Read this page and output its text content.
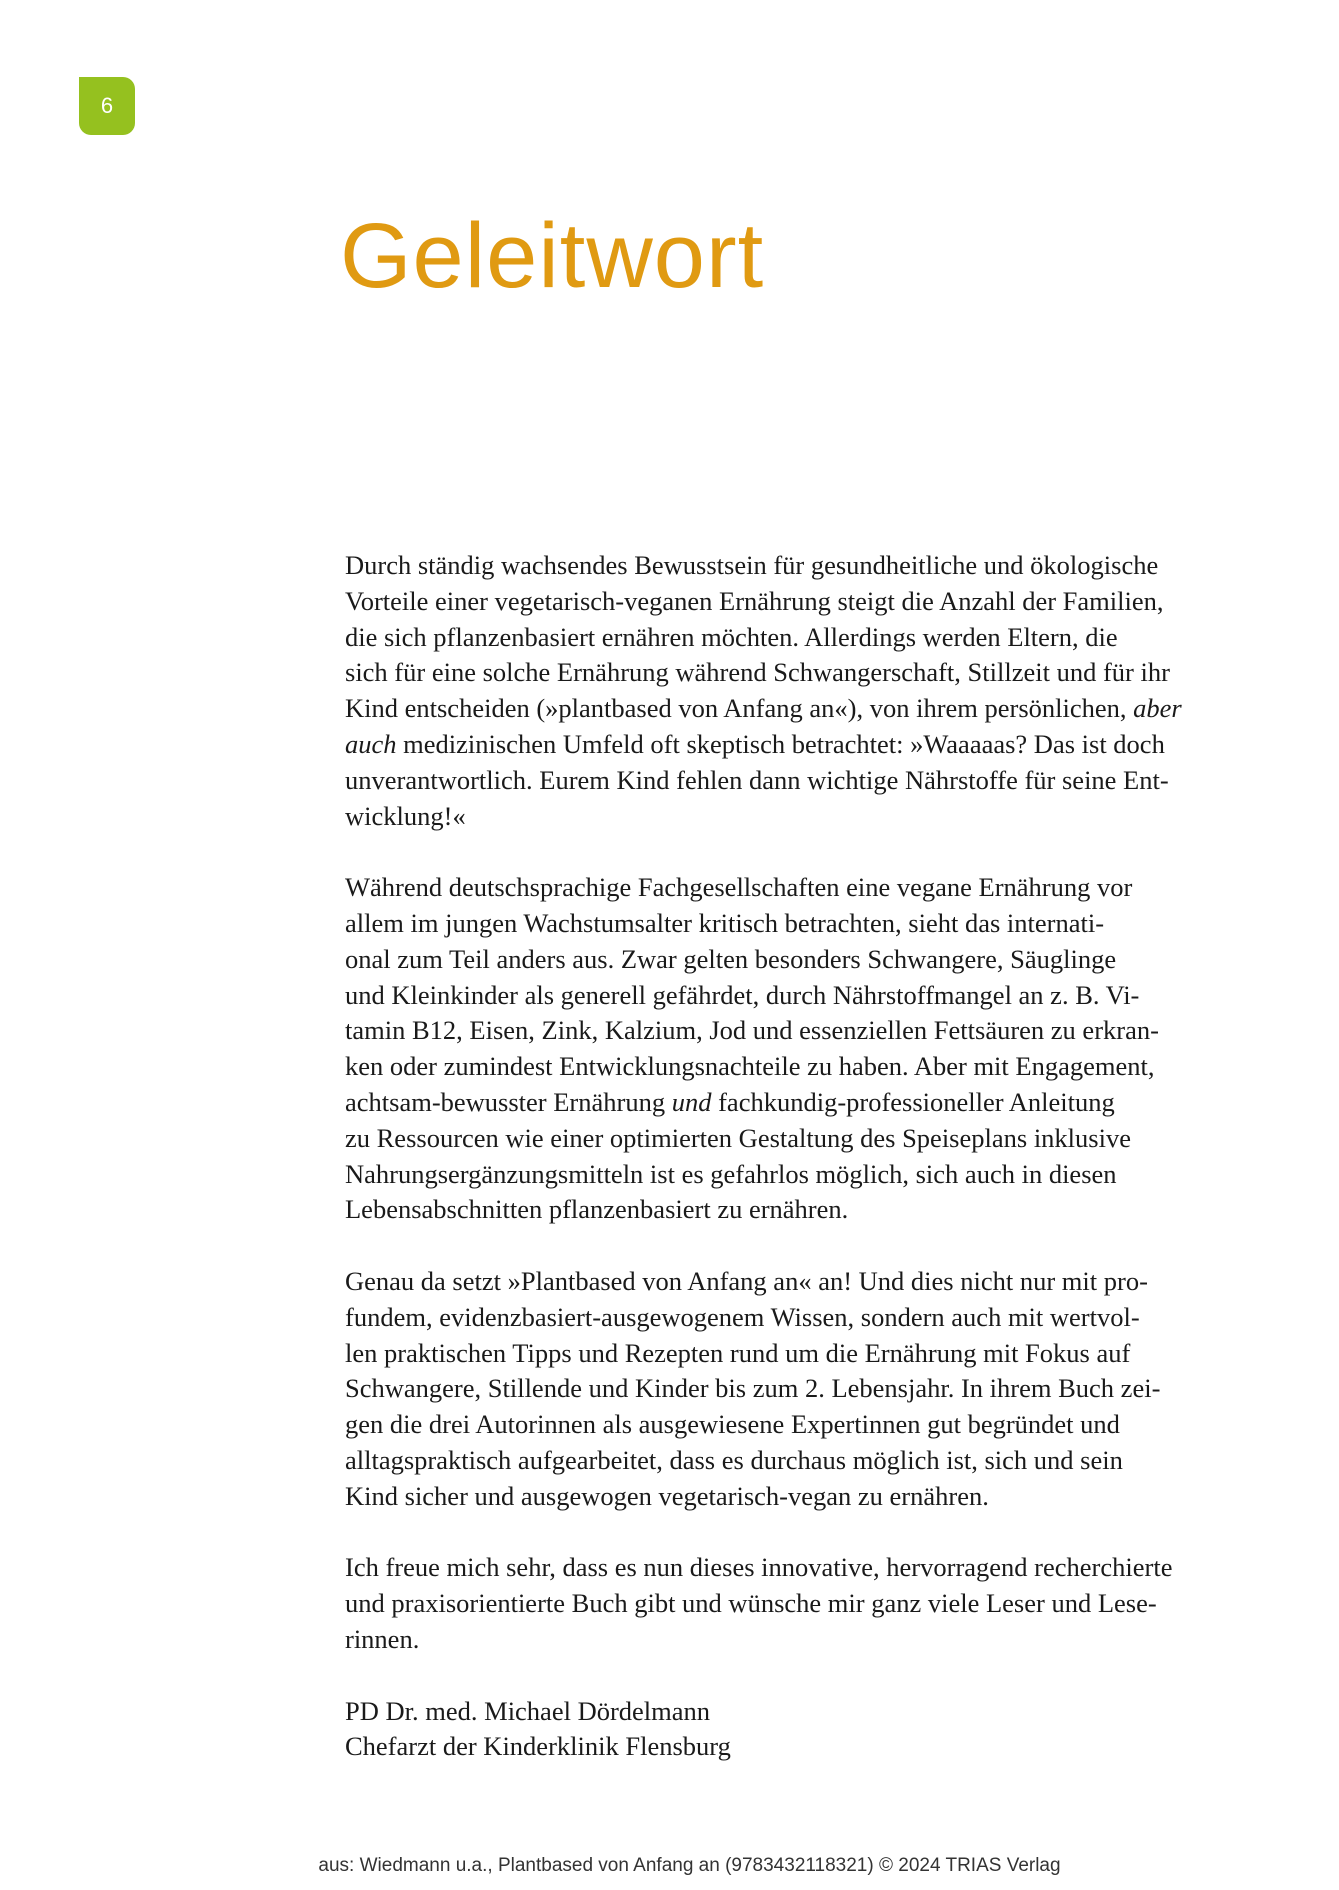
6
Geleitwort

Durch ständig wachsendes Bewusstsein für gesundheitliche und ökologische
Vorteile einer vegetarisch-veganen Ernährung steigt die Anzahl der Familien,
die sich pflanzenbasiert ernähren möchten. Allerdings werden Eltern, die
sich für eine solche Ernährung während Schwangerschaft, Stillzeit und für ihr
Kind entscheiden (»plantbased von Anfang an«), von ihrem persönlichen, aber
auch medizinischen Umfeld oft skeptisch betrachtet: »Waaaaas? Das ist doch
unverantwortlich. Eurem Kind fehlen dann wichtige Nährstoffe für seine Ent-
wicklung!«

Während deutschsprachige Fachgesellschaften eine vegane Ernährung vor
allem im jungen Wachstumsalter kritisch betrachten, sieht das internati-
onal zum Teil anders aus. Zwar gelten besonders Schwangere, Säuglinge
und Kleinkinder als generell gefährdet, durch Nährstoffmangel an z. B. Vi-
tamin B12, Eisen, Zink, Kalzium, Jod und essenziellen Fettsäuren zu erkran-
ken oder zumindest Entwicklungsnachteile zu haben. Aber mit Engagement,
achtsam-bewusster Ernährung und fachkundig-professioneller Anleitung
zu Ressourcen wie einer optimierten Gestaltung des Speiseplans inklusive
Nahrungsergänzungsmitteln ist es gefahrlos möglich, sich auch in diesen
Lebensabschnitten pflanzenbasiert zu ernähren.

Genau da setzt »Plantbased von Anfang an« an! Und dies nicht nur mit pro-
fundem, evidenzbasiert-ausgewogenem Wissen, sondern auch mit wertvol-
len praktischen Tipps und Rezepten rund um die Ernährung mit Fokus auf
Schwangere, Stillende und Kinder bis zum 2. Lebensjahr. In ihrem Buch zei-
gen die drei Autorinnen als ausgewiesene Expertinnen gut begründet und
alltagspraktisch aufgearbeitet, dass es durchaus möglich ist, sich und sein
Kind sicher und ausgewogen vegetarisch-vegan zu ernähren.

Ich freue mich sehr, dass es nun dieses innovative, hervorragend recherchierte
und praxisorientierte Buch gibt und wünsche mir ganz viele Leser und Lese-
rinnen.

PD Dr. med. Michael Dördelmann
Chefarzt der Kinderklinik Flensburg

aus: Wiedmann u.a., Plantbased von Anfang an (9783432118321) © 2024 TRIAS Verlag
